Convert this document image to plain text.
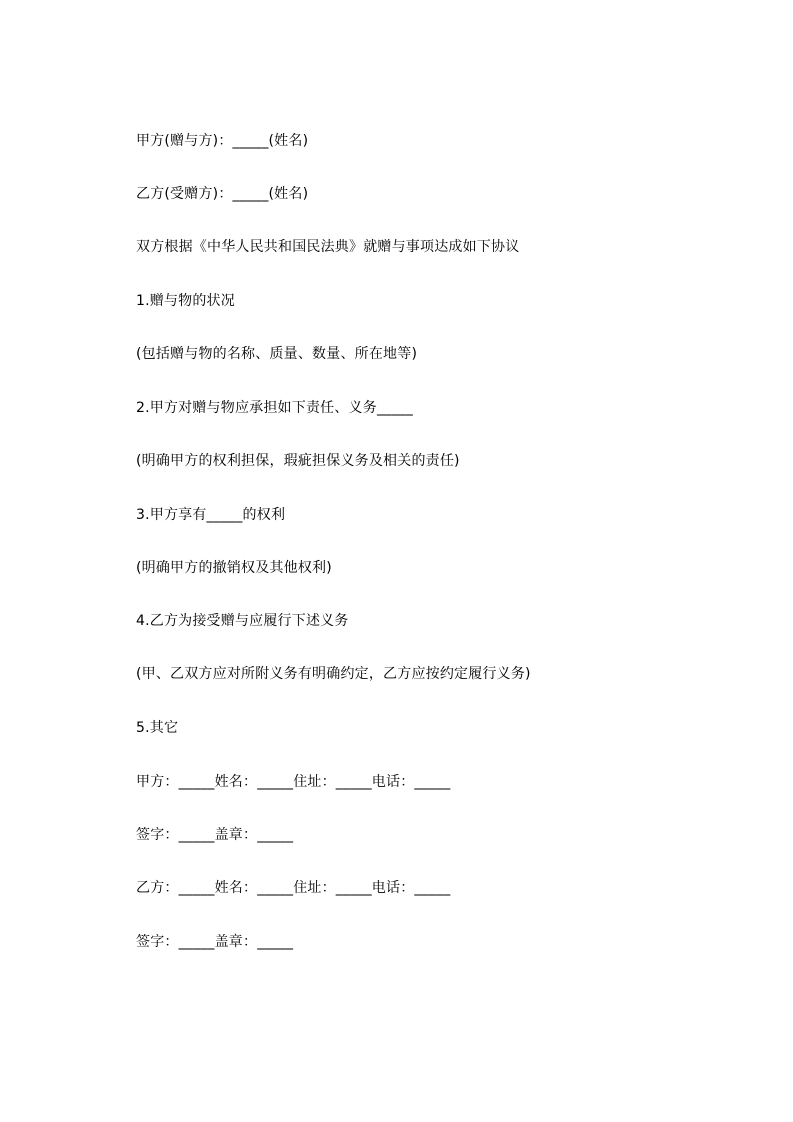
甲方(赠与方)：_____(姓名)
乙方(受赠方)：_____(姓名)
双方根据《中华人民共和国民法典》就赠与事项达成如下协议
1.赠与物的状况
(包括赠与物的名称、质量、数量、所在地等)
2.甲方对赠与物应承担如下责任、义务_____
(明确甲方的权利担保，瑕疵担保义务及相关的责任)
3.甲方享有_____的权利
(明确甲方的撤销权及其他权利)
4.乙方为接受赠与应履行下述义务
(甲、乙双方应对所附义务有明确约定，乙方应按约定履行义务)
5.其它
甲方：_____姓名：_____住址：_____电话：_____
签字：_____盖章：_____
乙方：_____姓名：_____住址：_____电话：_____
签字：_____盖章：_____
